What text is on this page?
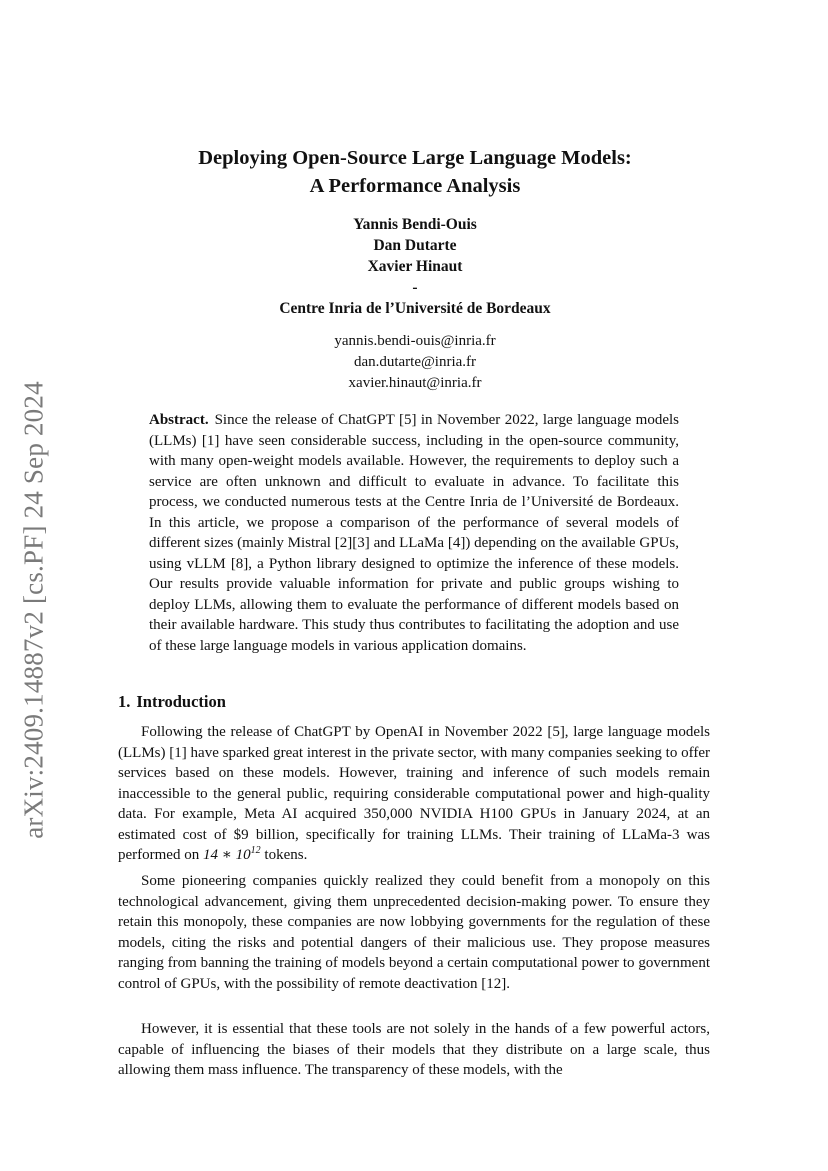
arXiv:2409.14887v2 [cs.PF] 24 Sep 2024
Deploying Open-Source Large Language Models:
A Performance Analysis
Yannis Bendi-Ouis
Dan Dutarte
Xavier Hinaut
-
Centre Inria de l’Université de Bordeaux
yannis.bendi-ouis@inria.fr
dan.dutarte@inria.fr
xavier.hinaut@inria.fr
Abstract. Since the release of ChatGPT [5] in November 2022, large language models (LLMs) [1] have seen considerable success, including in the open-source community, with many open-weight models available. However, the requirements to deploy such a service are often unknown and difficult to evaluate in advance. To facilitate this process, we conducted numerous tests at the Centre Inria de l’Université de Bordeaux. In this article, we propose a comparison of the performance of several models of different sizes (mainly Mistral [2][3] and LLaMa [4]) depending on the available GPUs, using vLLM [8], a Python library designed to optimize the inference of these models. Our results provide valuable information for private and public groups wishing to deploy LLMs, allowing them to evaluate the performance of different models based on their available hardware. This study thus contributes to facilitating the adoption and use of these large language models in various application domains.
1. Introduction

Following the release of ChatGPT by OpenAI in November 2022 [5], large language models (LLMs) [1] have sparked great interest in the private sector, with many companies seeking to offer services based on these models. However, training and inference of such models remain inaccessible to the general public, requiring considerable computational power and high-quality data. For example, Meta AI acquired 350,000 NVIDIA H100 GPUs in January 2024, at an estimated cost of $9 billion, specifically for training LLMs. Their training of LLaMa-3 was performed on 14 ∗ $10^{12}$ tokens.

Some pioneering companies quickly realized they could benefit from a monopoly on this technological advancement, giving them unprecedented decision-making power. To ensure they retain this monopoly, these companies are now lobbying governments for the regulation of these models, citing the risks and potential dangers of their malicious use. They propose measures ranging from banning the training of models beyond a certain computational power to government control of GPUs, with the possibility of remote deactivation [12].

However, it is essential that these tools are not solely in the hands of a few powerful actors, capable of influencing the biases of their models that they distribute on a large scale, thus allowing them mass influence. The transparency of these models, with the
